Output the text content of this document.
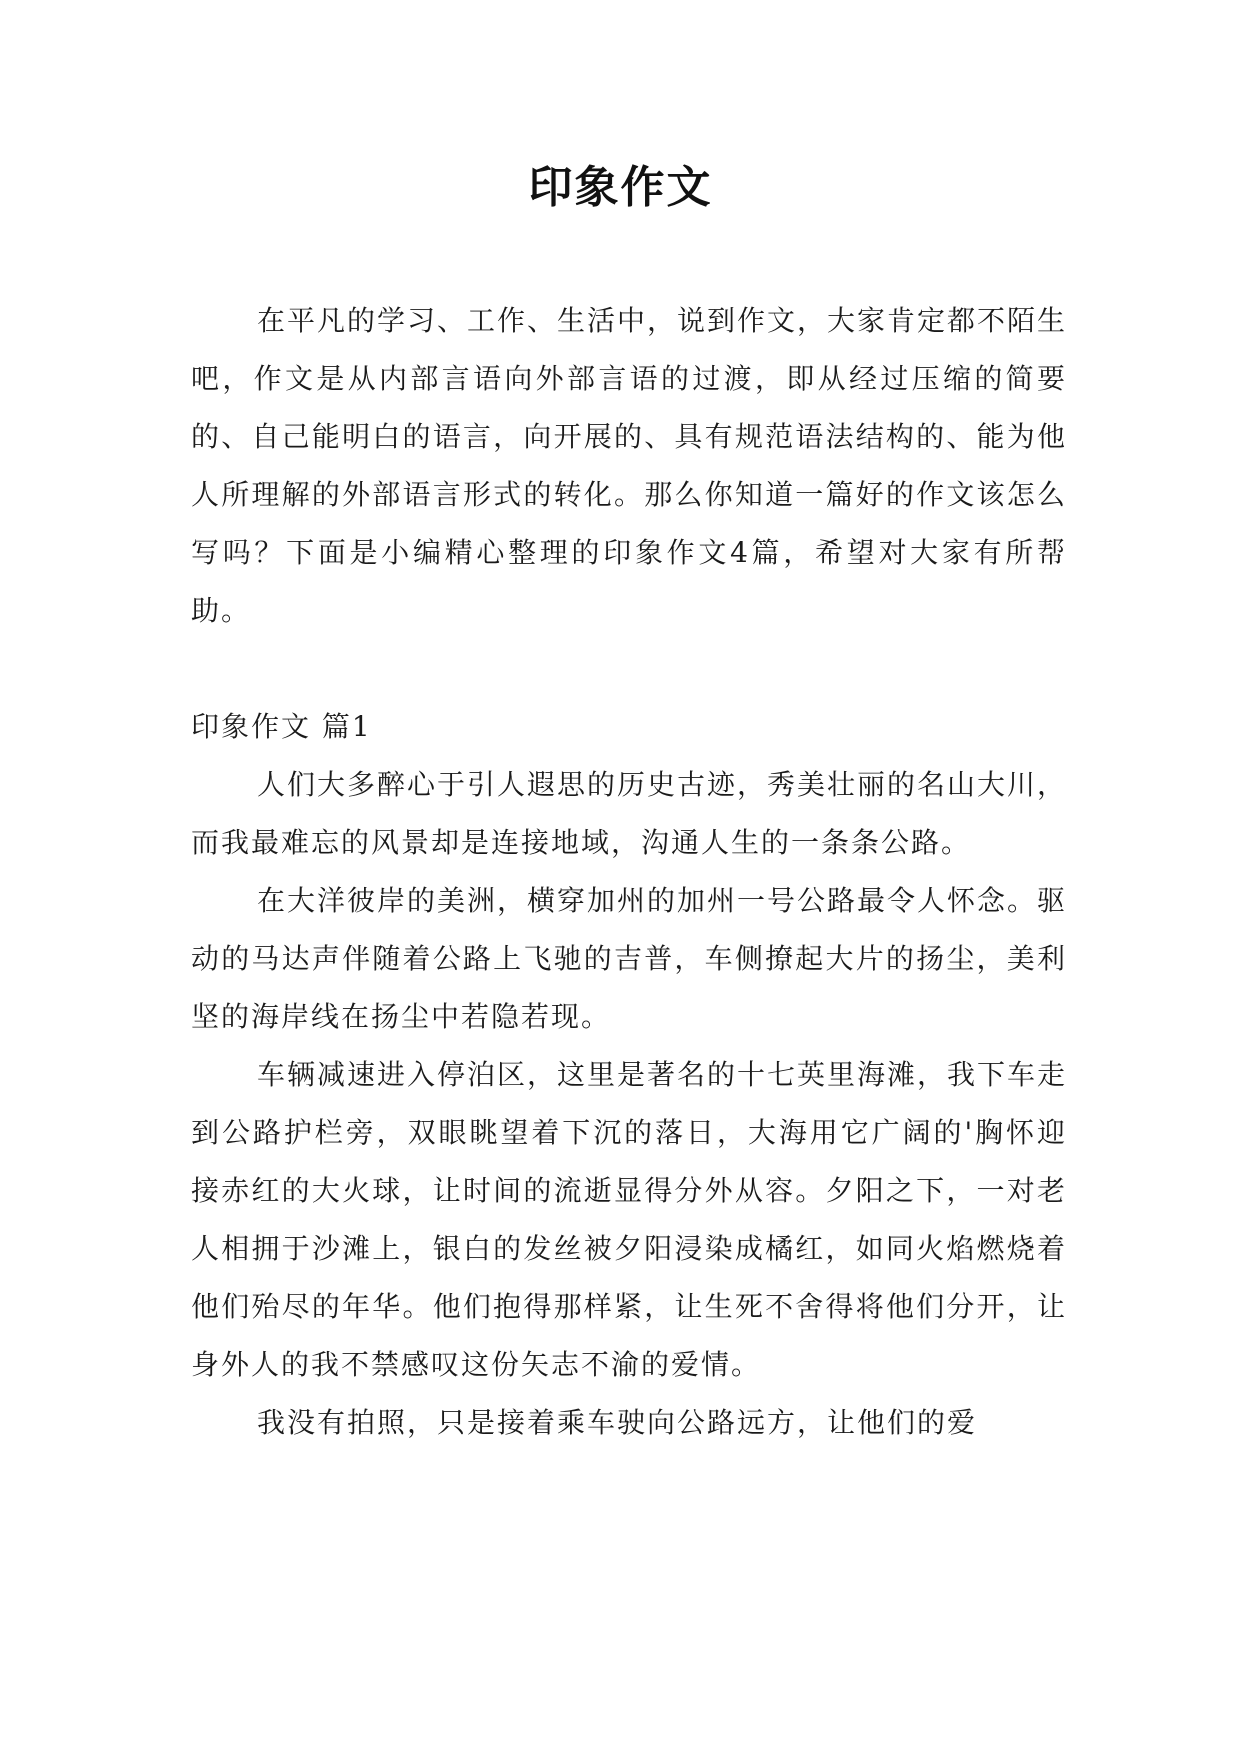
印象作文

在平凡的学习、工作、生活中，说到作文，大家肯定都不陌生吧，作文是从内部言语向外部言语的过渡，即从经过压缩的简要的、自己能明白的语言，向开展的、具有规范语法结构的、能为他人所理解的外部语言形式的转化。那么你知道一篇好的作文该怎么写吗？下面是小编精心整理的印象作文4篇，希望对大家有所帮助。

印象作文 篇1

人们大多醉心于引人遐思的历史古迹，秀美壮丽的名山大川，而我最难忘的风景却是连接地域，沟通人生的一条条公路。

在大洋彼岸的美洲，横穿加州的加州一号公路最令人怀念。驱动的马达声伴随着公路上飞驰的吉普，车侧撩起大片的扬尘，美利坚的海岸线在扬尘中若隐若现。

车辆减速进入停泊区，这里是著名的十七英里海滩，我下车走到公路护栏旁，双眼眺望着下沉的落日，大海用它广阔的'胸怀迎接赤红的大火球，让时间的流逝显得分外从容。夕阳之下，一对老人相拥于沙滩上，银白的发丝被夕阳浸染成橘红，如同火焰燃烧着他们殆尽的年华。他们抱得那样紧，让生死不舍得将他们分开，让身外人的我不禁感叹这份矢志不渝的爱情。

我没有拍照，只是接着乘车驶向公路远方，让他们的爱
